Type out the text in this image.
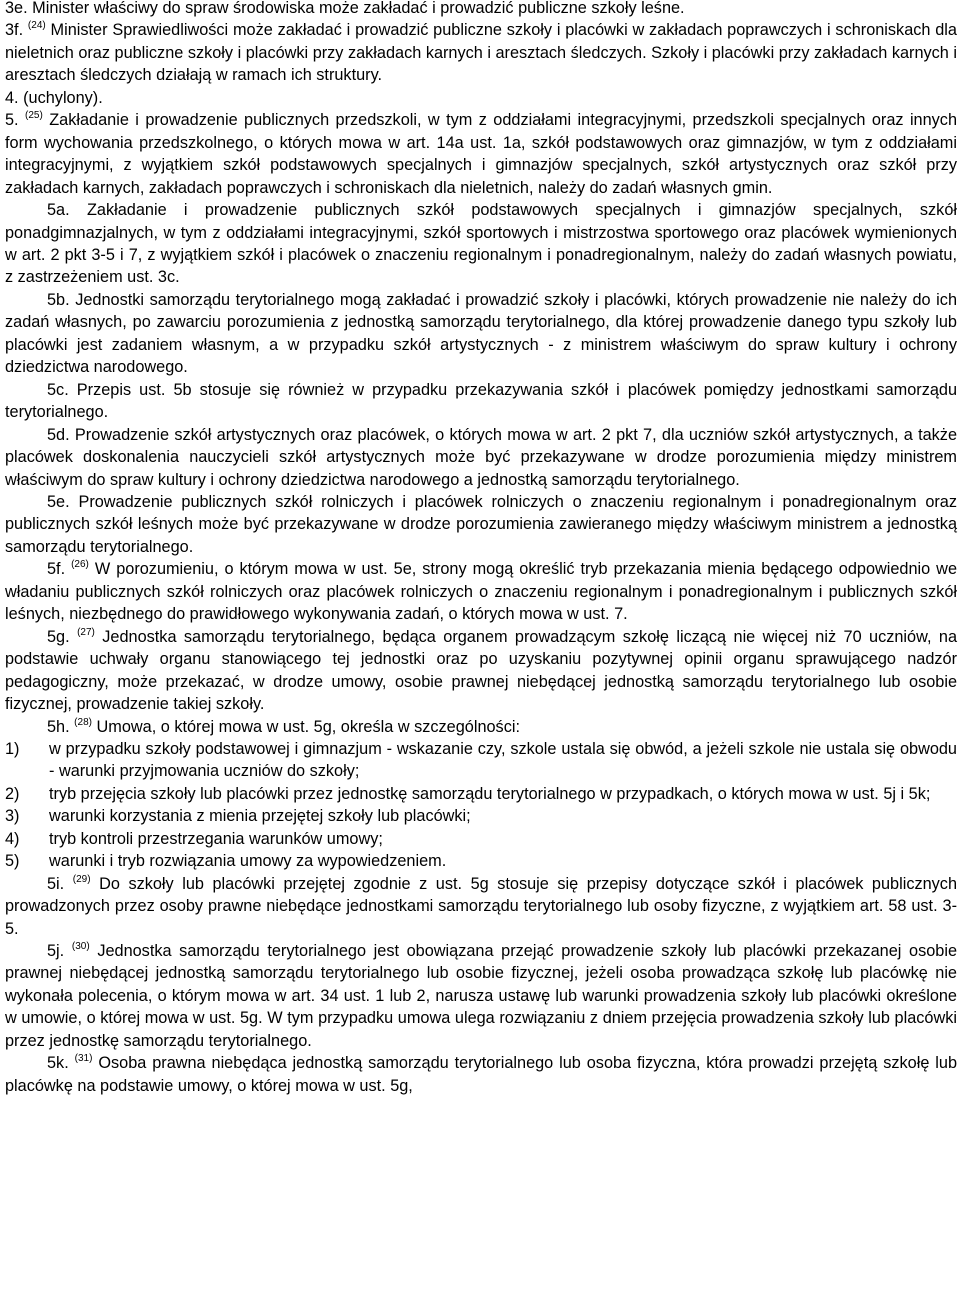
3e. Minister właściwy do spraw środowiska może zakładać i prowadzić publiczne szkoły leśne.

3f. $^{(24)}$ Minister Sprawiedliwości może zakładać i prowadzić publiczne szkoły i placówki w zakładach poprawczych i schroniskach dla nieletnich oraz publiczne szkoły i placówki przy zakładach karnych i aresztach śledczych. Szkoły i placówki przy zakładach karnych i aresztach śledczych działają w ramach ich struktury.

4. (uchylony).

5. $^{(25)}$ Zakładanie i prowadzenie publicznych przedszkoli, w tym z oddziałami integracyjnymi, przedszkoli specjalnych oraz innych form wychowania przedszkolnego, o których mowa w art. 14a ust. 1a, szkół podstawowych oraz gimnazjów, w tym z oddziałami integracyjnymi, z wyjątkiem szkół podstawowych specjalnych i gimnazjów specjalnych, szkół artystycznych oraz szkół przy zakładach karnych, zakładach poprawczych i schroniskach dla nieletnich, należy do zadań własnych gmin.

5a. Zakładanie i prowadzenie publicznych szkół podstawowych specjalnych i gimnazjów specjalnych, szkół ponadgimnazjalnych, w tym z oddziałami integracyjnymi, szkół sportowych i mistrzostwa sportowego oraz placówek wymienionych w art. 2 pkt 3-5 i 7, z wyjątkiem szkół i placówek o znaczeniu regionalnym i ponadregionalnym, należy do zadań własnych powiatu, z zastrzeżeniem ust. 3c.

5b. Jednostki samorządu terytorialnego mogą zakładać i prowadzić szkoły i placówki, których prowadzenie nie należy do ich zadań własnych, po zawarciu porozumienia z jednostką samorządu terytorialnego, dla której prowadzenie danego typu szkoły lub placówki jest zadaniem własnym, a w przypadku szkół artystycznych - z ministrem właściwym do spraw kultury i ochrony dziedzictwa narodowego.

5c. Przepis ust. 5b stosuje się również w przypadku przekazywania szkół i placówek pomiędzy jednostkami samorządu terytorialnego.

5d. Prowadzenie szkół artystycznych oraz placówek, o których mowa w art. 2 pkt 7, dla uczniów szkół artystycznych, a także placówek doskonalenia nauczycieli szkół artystycznych może być przekazywane w drodze porozumienia między ministrem właściwym do spraw kultury i ochrony dziedzictwa narodowego a jednostką samorządu terytorialnego.

5e. Prowadzenie publicznych szkół rolniczych i placówek rolniczych o znaczeniu regionalnym i ponadregionalnym oraz publicznych szkół leśnych może być przekazywane w drodze porozumienia zawieranego między właściwym ministrem a jednostką samorządu terytorialnego.

5f. $^{(26)}$ W porozumieniu, o którym mowa w ust. 5e, strony mogą określić tryb przekazania mienia będącego odpowiednio we władaniu publicznych szkół rolniczych oraz placówek rolniczych o znaczeniu regionalnym i ponadregionalnym i publicznych szkół leśnych, niezbędnego do prawidłowego wykonywania zadań, o których mowa w ust. 7.

5g. $^{(27)}$ Jednostka samorządu terytorialnego, będąca organem prowadzącym szkołę liczącą nie więcej niż 70 uczniów, na podstawie uchwały organu stanowiącego tej jednostki oraz po uzyskaniu pozytywnej opinii organu sprawującego nadzór pedagogiczny, może przekazać, w drodze umowy, osobie prawnej niebędącej jednostką samorządu terytorialnego lub osobie fizycznej, prowadzenie takiej szkoły.

5h. $^{(28)}$ Umowa, o której mowa w ust. 5g, określa w szczególności:

1)	w przypadku szkoły podstawowej i gimnazjum - wskazanie czy, szkole ustala się obwód, a jeżeli szkole nie ustala się obwodu - warunki przyjmowania uczniów do szkoły;
2)	tryb przejęcia szkoły lub placówki przez jednostkę samorządu terytorialnego w przypadkach, o których mowa w ust. 5j i 5k;
3)	warunki korzystania z mienia przejętej szkoły lub placówki;
4)	tryb kontroli przestrzegania warunków umowy;
5)	warunki i tryb rozwiązania umowy za wypowiedzeniem.

5i. $^{(29)}$ Do szkoły lub placówki przejętej zgodnie z ust. 5g stosuje się przepisy dotyczące szkół i placówek publicznych prowadzonych przez osoby prawne niebędące jednostkami samorządu terytorialnego lub osoby fizyczne, z wyjątkiem art. 58 ust. 3-5.

5j. $^{(30)}$ Jednostka samorządu terytorialnego jest obowiązana przejąć prowadzenie szkoły lub placówki przekazanej osobie prawnej niebędącej jednostką samorządu terytorialnego lub osobie fizycznej, jeżeli osoba prowadząca szkołę lub placówkę nie wykonała polecenia, o którym mowa w art. 34 ust. 1 lub 2, narusza ustawę lub warunki prowadzenia szkoły lub placówki określone w umowie, o której mowa w ust. 5g. W tym przypadku umowa ulega rozwiązaniu z dniem przejęcia prowadzenia szkoły lub placówki przez jednostkę samorządu terytorialnego.

5k. $^{(31)}$ Osoba prawna niebędąca jednostką samorządu terytorialnego lub osoba fizyczna, która prowadzi przejętą szkołę lub placówkę na podstawie umowy, o której mowa w ust. 5g,
